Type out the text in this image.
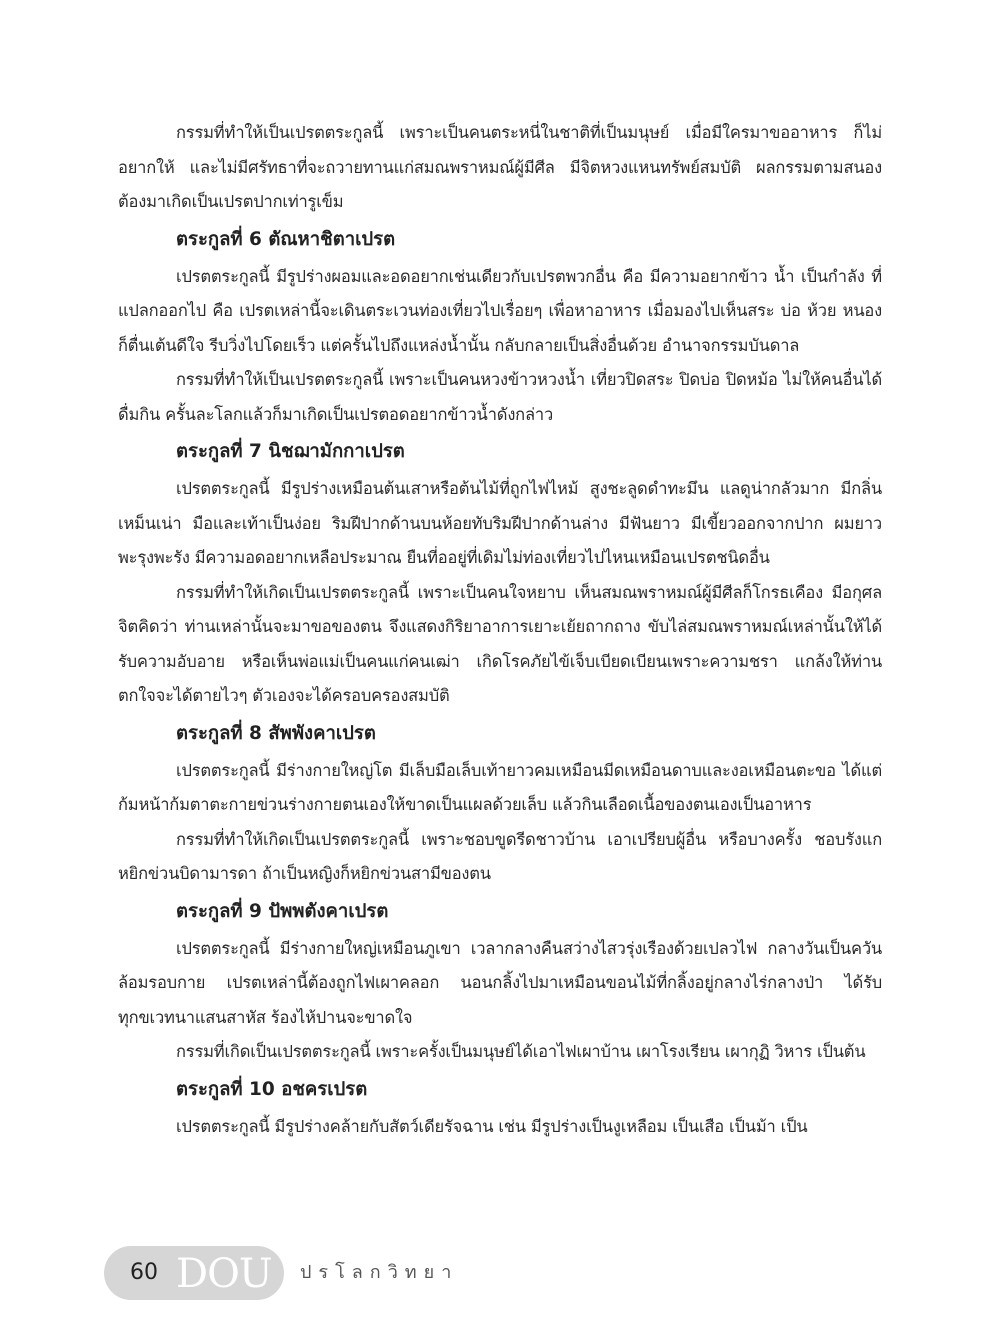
กรรมที่ทำให้เป็นเปรตตระกูลนี้ เพราะเป็นคนตระหนี่ในชาติที่เป็นมนุษย์ เมื่อมีใครมาขออาหาร ก็ไม่อยากให้ และไม่มีศรัทธาที่จะถวายทานแก่สมณพราหมณ์ผู้มีศีล มีจิตหวงแหนทรัพย์สมบัติ ผลกรรมตามสนอง ต้องมาเกิดเป็นเปรตปากเท่ารูเข็ม

ตระกูลที่ 6 ตัณหาชิตาเปรต

เปรตตระกูลนี้ มีรูปร่างผอมและอดอยากเช่นเดียวกับเปรตพวกอื่น คือ มีความอยากข้าว น้ำ เป็นกำลัง ที่แปลกออกไป คือ เปรตเหล่านี้จะเดินตระเวนท่องเที่ยวไปเรื่อยๆ เพื่อหาอาหาร เมื่อมองไปเห็นสระ บ่อ ห้วย หนอง ก็ตื่นเต้นดีใจ รีบวิ่งไปโดยเร็ว แต่ครั้นไปถึงแหล่งน้ำนั้น กลับกลายเป็นสิ่งอื่นด้วย อำนาจกรรมบันดาล

กรรมที่ทำให้เป็นเปรตตระกูลนี้ เพราะเป็นคนหวงข้าวหวงน้ำ เที่ยวปิดสระ ปิดบ่อ ปิดหม้อ ไม่ให้คนอื่นได้ดื่มกิน ครั้นละโลกแล้วก็มาเกิดเป็นเปรตอดอยากข้าวน้ำดังกล่าว

ตระกูลที่ 7 นิชฌามักกาเปรต

เปรตตระกูลนี้ มีรูปร่างเหมือนต้นเสาหรือต้นไม้ที่ถูกไฟไหม้ สูงชะลูดดำทะมึน แลดูน่ากลัวมาก มีกลิ่นเหม็นเน่า มือและเท้าเป็นง่อย ริมฝีปากด้านบนห้อยทับริมฝีปากด้านล่าง มีฟันยาว มีเขี้ยวออกจากปาก ผมยาวพะรุงพะรัง มีความอดอยากเหลือประมาณ ยืนที่ออยู่ที่เดิมไม่ท่องเที่ยวไปไหนเหมือนเปรตชนิดอื่น

กรรมที่ทำให้เกิดเป็นเปรตตระกูลนี้ เพราะเป็นคนใจหยาบ เห็นสมณพราหมณ์ผู้มีศีลก็โกรธเคือง มีอกุศลจิตคิดว่า ท่านเหล่านั้นจะมาขอของตน จึงแสดงกิริยาอาการเยาะเย้ยถากถาง ขับไล่สมณพราหมณ์เหล่านั้นให้ได้รับความอับอาย หรือเห็นพ่อแม่เป็นคนแก่คนเฒ่า เกิดโรคภัยไข้เจ็บเบียดเบียนเพราะความชรา แกล้งให้ท่านตกใจจะได้ตายไวๆ ตัวเองจะได้ครอบครองสมบัติ

ตระกูลที่ 8 สัพพังคาเปรต

เปรตตระกูลนี้ มีร่างกายใหญ่โต มีเล็บมือเล็บเท้ายาวคมเหมือนมีดเหมือนดาบและงอเหมือนตะขอ ได้แต่ก้มหน้าก้มตาตะกายข่วนร่างกายตนเองให้ขาดเป็นแผลด้วยเล็บ แล้วกินเลือดเนื้อของตนเองเป็นอาหาร

กรรมที่ทำให้เกิดเป็นเปรตตระกูลนี้ เพราะชอบขูดรีดชาวบ้าน เอาเปรียบผู้อื่น หรือบางครั้ง ชอบรังแกหยิกข่วนบิดามารดา ถ้าเป็นหญิงก็หยิกข่วนสามีของตน

ตระกูลที่ 9 ปัพพตังคาเปรต

เปรตตระกูลนี้ มีร่างกายใหญ่เหมือนภูเขา เวลากลางคืนสว่างไสวรุ่งเรืองด้วยเปลวไฟ กลางวันเป็นควันล้อมรอบกาย เปรตเหล่านี้ต้องถูกไฟเผาคลอก นอนกลิ้งไปมาเหมือนขอนไม้ที่กลิ้งอยู่กลางไร่กลางป่า ได้รับทุกขเวทนาแสนสาหัส ร้องไห้ปานจะขาดใจ

กรรมที่เกิดเป็นเปรตตระกูลนี้ เพราะครั้งเป็นมนุษย์ได้เอาไฟเผาบ้าน เผาโรงเรียน เผากุฏิ วิหาร เป็นต้น

ตระกูลที่ 10 อชครเปรต

เปรตตระกูลนี้ มีรูปร่างคล้ายกับสัตว์เดียรัจฉาน เช่น มีรูปร่างเป็นงูเหลือม เป็นเสือ เป็นม้า เป็น

60 DOU ปรโลกวิทยา
